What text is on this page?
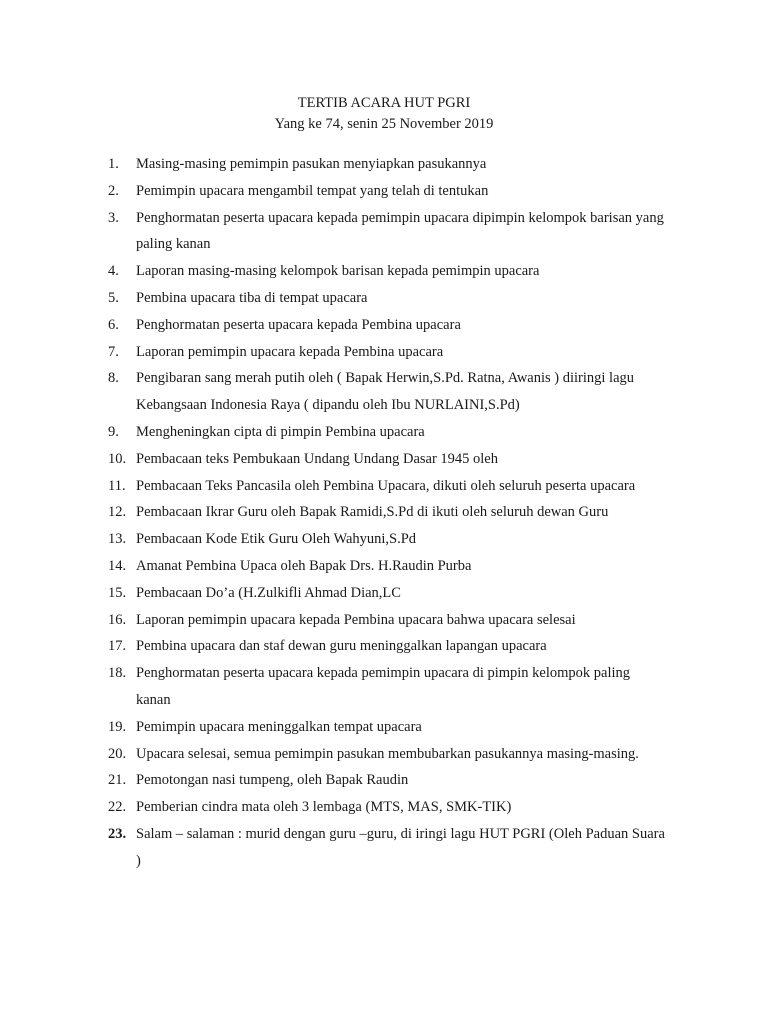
TERTIB ACARA HUT PGRI
Yang ke 74, senin 25 November 2019
1. Masing-masing pemimpin pasukan menyiapkan pasukannya
2. Pemimpin upacara mengambil tempat yang telah di tentukan
3. Penghormatan peserta upacara kepada pemimpin upacara dipimpin kelompok barisan yang paling kanan
4. Laporan masing-masing kelompok barisan kepada pemimpin upacara
5. Pembina upacara tiba di tempat upacara
6. Penghormatan peserta upacara kepada Pembina upacara
7. Laporan pemimpin upacara kepada Pembina upacara
8. Pengibaran sang merah putih oleh ( Bapak Herwin,S.Pd. Ratna, Awanis ) diiringi lagu Kebangsaan Indonesia Raya ( dipandu oleh Ibu NURLAINI,S.Pd)
9. Mengheningkan cipta di pimpin Pembina upacara
10. Pembacaan teks Pembukaan Undang Undang Dasar 1945 oleh
11. Pembacaan Teks Pancasila oleh Pembina Upacara, dikuti oleh seluruh peserta upacara
12. Pembacaan Ikrar Guru oleh Bapak Ramidi,S.Pd di ikuti oleh seluruh dewan Guru
13. Pembacaan Kode Etik Guru Oleh Wahyuni,S.Pd
14. Amanat Pembina Upaca oleh Bapak Drs. H.Raudin Purba
15. Pembacaan Do’a (H.Zulkifli Ahmad Dian,LC
16. Laporan pemimpin upacara kepada Pembina upacara bahwa upacara selesai
17. Pembina upacara dan staf dewan guru meninggalkan lapangan upacara
18. Penghormatan peserta upacara kepada pemimpin upacara di pimpin kelompok paling kanan
19. Pemimpin upacara meninggalkan tempat upacara
20. Upacara selesai, semua pemimpin pasukan membubarkan pasukannya masing-masing.
21. Pemotongan nasi tumpeng, oleh Bapak Raudin
22. Pemberian cindra mata oleh 3 lembaga (MTS, MAS, SMK-TIK)
23. Salam – salaman : murid dengan guru –guru, di iringi lagu HUT PGRI (Oleh Paduan Suara )
